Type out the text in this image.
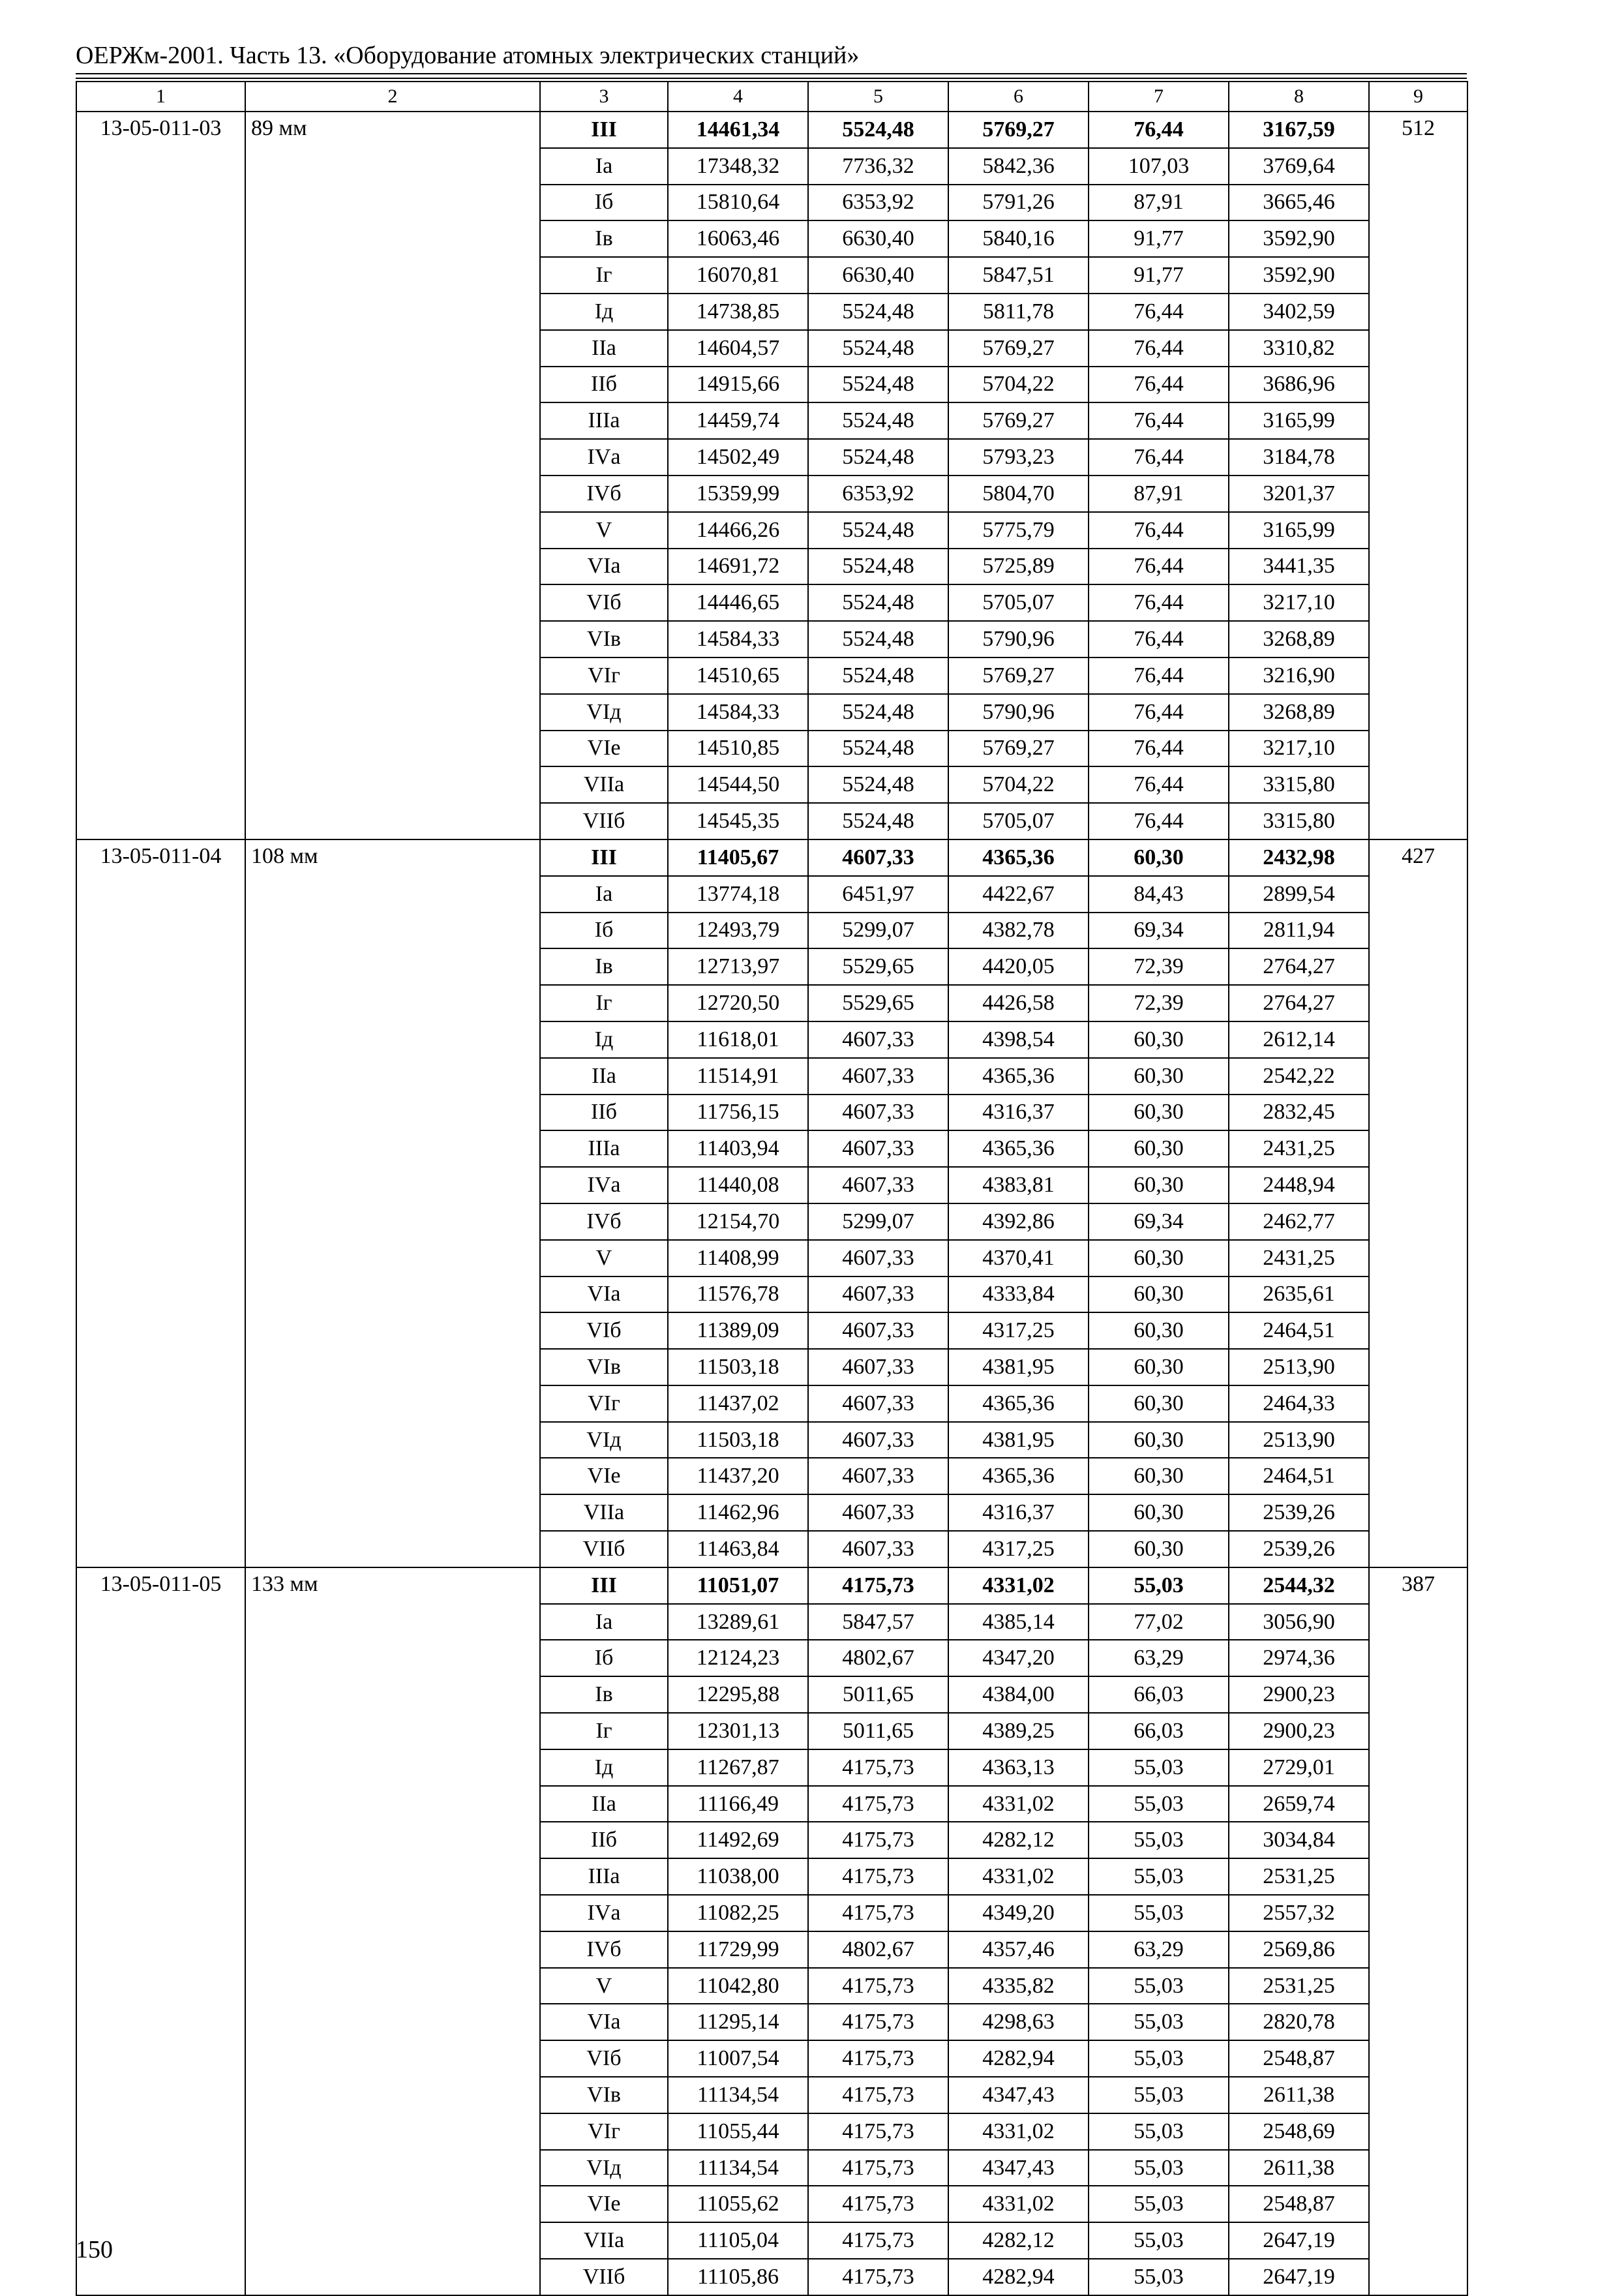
ОЕРЖм-2001. Часть 13. «Оборудование атомных электрических станций»
1	2	3	4	5	6	7	8	9
13-05-011-03	89 мм	III	14461,34	5524,48	5769,27	76,44	3167,59	512
		Iа	17348,32	7736,32	5842,36	107,03	3769,64	
		Iб	15810,64	6353,92	5791,26	87,91	3665,46	
		Iв	16063,46	6630,40	5840,16	91,77	3592,90	
		Iг	16070,81	6630,40	5847,51	91,77	3592,90	
		Iд	14738,85	5524,48	5811,78	76,44	3402,59	
		IIа	14604,57	5524,48	5769,27	76,44	3310,82	
		IIб	14915,66	5524,48	5704,22	76,44	3686,96	
		IIIа	14459,74	5524,48	5769,27	76,44	3165,99	
		IVа	14502,49	5524,48	5793,23	76,44	3184,78	
		IVб	15359,99	6353,92	5804,70	87,91	3201,37	
		V	14466,26	5524,48	5775,79	76,44	3165,99	
		VIа	14691,72	5524,48	5725,89	76,44	3441,35	
		VIб	14446,65	5524,48	5705,07	76,44	3217,10	
		VIв	14584,33	5524,48	5790,96	76,44	3268,89	
		VIг	14510,65	5524,48	5769,27	76,44	3216,90	
		VIд	14584,33	5524,48	5790,96	76,44	3268,89	
		VIе	14510,85	5524,48	5769,27	76,44	3217,10	
		VIIа	14544,50	5524,48	5704,22	76,44	3315,80	
		VIIб	14545,35	5524,48	5705,07	76,44	3315,80	
13-05-011-04	108 мм	III	11405,67	4607,33	4365,36	60,30	2432,98	427
		Iа	13774,18	6451,97	4422,67	84,43	2899,54	
		Iб	12493,79	5299,07	4382,78	69,34	2811,94	
		Iв	12713,97	5529,65	4420,05	72,39	2764,27	
		Iг	12720,50	5529,65	4426,58	72,39	2764,27	
		Iд	11618,01	4607,33	4398,54	60,30	2612,14	
		IIа	11514,91	4607,33	4365,36	60,30	2542,22	
		IIб	11756,15	4607,33	4316,37	60,30	2832,45	
		IIIа	11403,94	4607,33	4365,36	60,30	2431,25	
		IVа	11440,08	4607,33	4383,81	60,30	2448,94	
		IVб	12154,70	5299,07	4392,86	69,34	2462,77	
		V	11408,99	4607,33	4370,41	60,30	2431,25	
		VIа	11576,78	4607,33	4333,84	60,30	2635,61	
		VIб	11389,09	4607,33	4317,25	60,30	2464,51	
		VIв	11503,18	4607,33	4381,95	60,30	2513,90	
		VIг	11437,02	4607,33	4365,36	60,30	2464,33	
		VIд	11503,18	4607,33	4381,95	60,30	2513,90	
		VIе	11437,20	4607,33	4365,36	60,30	2464,51	
		VIIа	11462,96	4607,33	4316,37	60,30	2539,26	
		VIIб	11463,84	4607,33	4317,25	60,30	2539,26	
13-05-011-05	133 мм	III	11051,07	4175,73	4331,02	55,03	2544,32	387
		Iа	13289,61	5847,57	4385,14	77,02	3056,90	
		Iб	12124,23	4802,67	4347,20	63,29	2974,36	
		Iв	12295,88	5011,65	4384,00	66,03	2900,23	
		Iг	12301,13	5011,65	4389,25	66,03	2900,23	
		Iд	11267,87	4175,73	4363,13	55,03	2729,01	
		IIа	11166,49	4175,73	4331,02	55,03	2659,74	
		IIб	11492,69	4175,73	4282,12	55,03	3034,84	
		IIIа	11038,00	4175,73	4331,02	55,03	2531,25	
		IVа	11082,25	4175,73	4349,20	55,03	2557,32	
		IVб	11729,99	4802,67	4357,46	63,29	2569,86	
		V	11042,80	4175,73	4335,82	55,03	2531,25	
		VIа	11295,14	4175,73	4298,63	55,03	2820,78	
		VIб	11007,54	4175,73	4282,94	55,03	2548,87	
		VIв	11134,54	4175,73	4347,43	55,03	2611,38	
		VIг	11055,44	4175,73	4331,02	55,03	2548,69	
		VIд	11134,54	4175,73	4347,43	55,03	2611,38	
		VIе	11055,62	4175,73	4331,02	55,03	2548,87	
		VIIа	11105,04	4175,73	4282,12	55,03	2647,19	
		VIIб	11105,86	4175,73	4282,94	55,03	2647,19	
150
